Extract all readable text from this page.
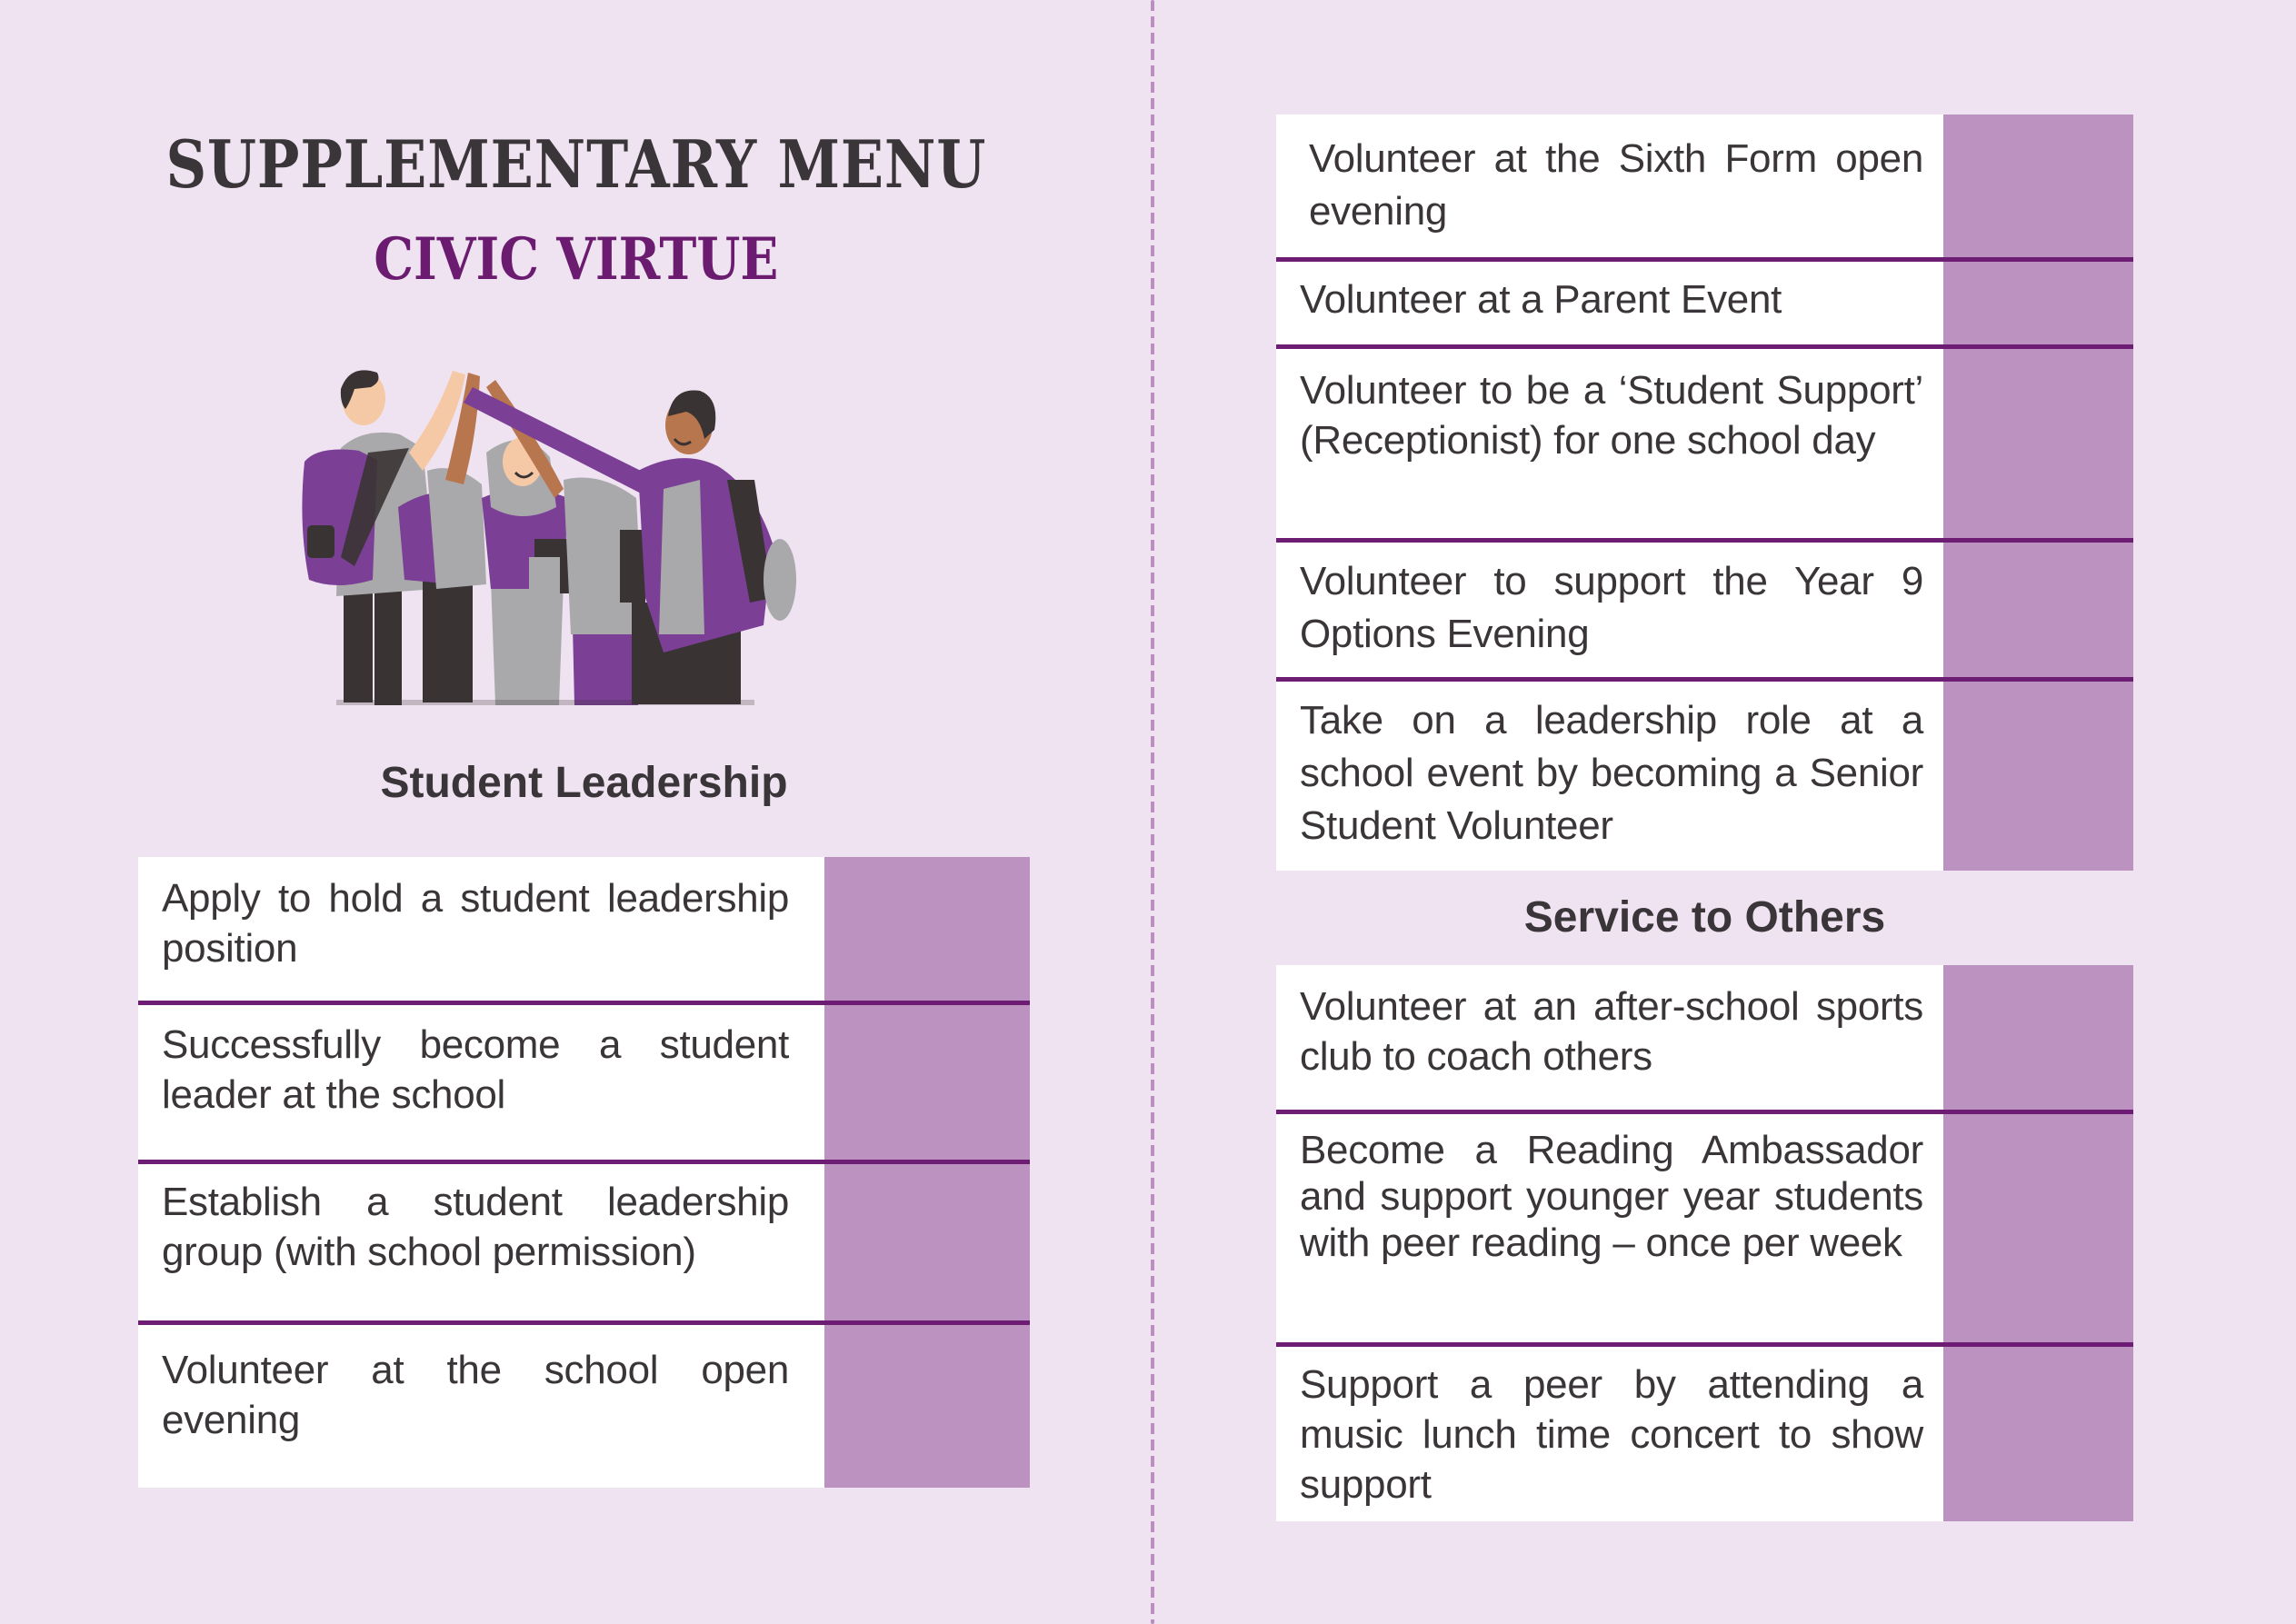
SUPPLEMENTARY MENU
CIVIC VIRTUE
Student Leadership
Apply to hold a student leadership position
Successfully become a student leader at the school
Establish a student leadership group (with school permission)
Volunteer at the school open evening
Volunteer at the Sixth Form open evening
Volunteer at a Parent Event
Volunteer to be a ‘Student Support’ (Receptionist) for one school day
Volunteer to support the Year 9 Options Evening
Take on a leadership role at a school event by becoming a Senior Student Volunteer
Service to Others
Volunteer at an after-school sports club to coach others
Become a Reading Ambassador and support younger year students with peer reading – once per week
Support a peer by attending a music lunch time concert to show support
